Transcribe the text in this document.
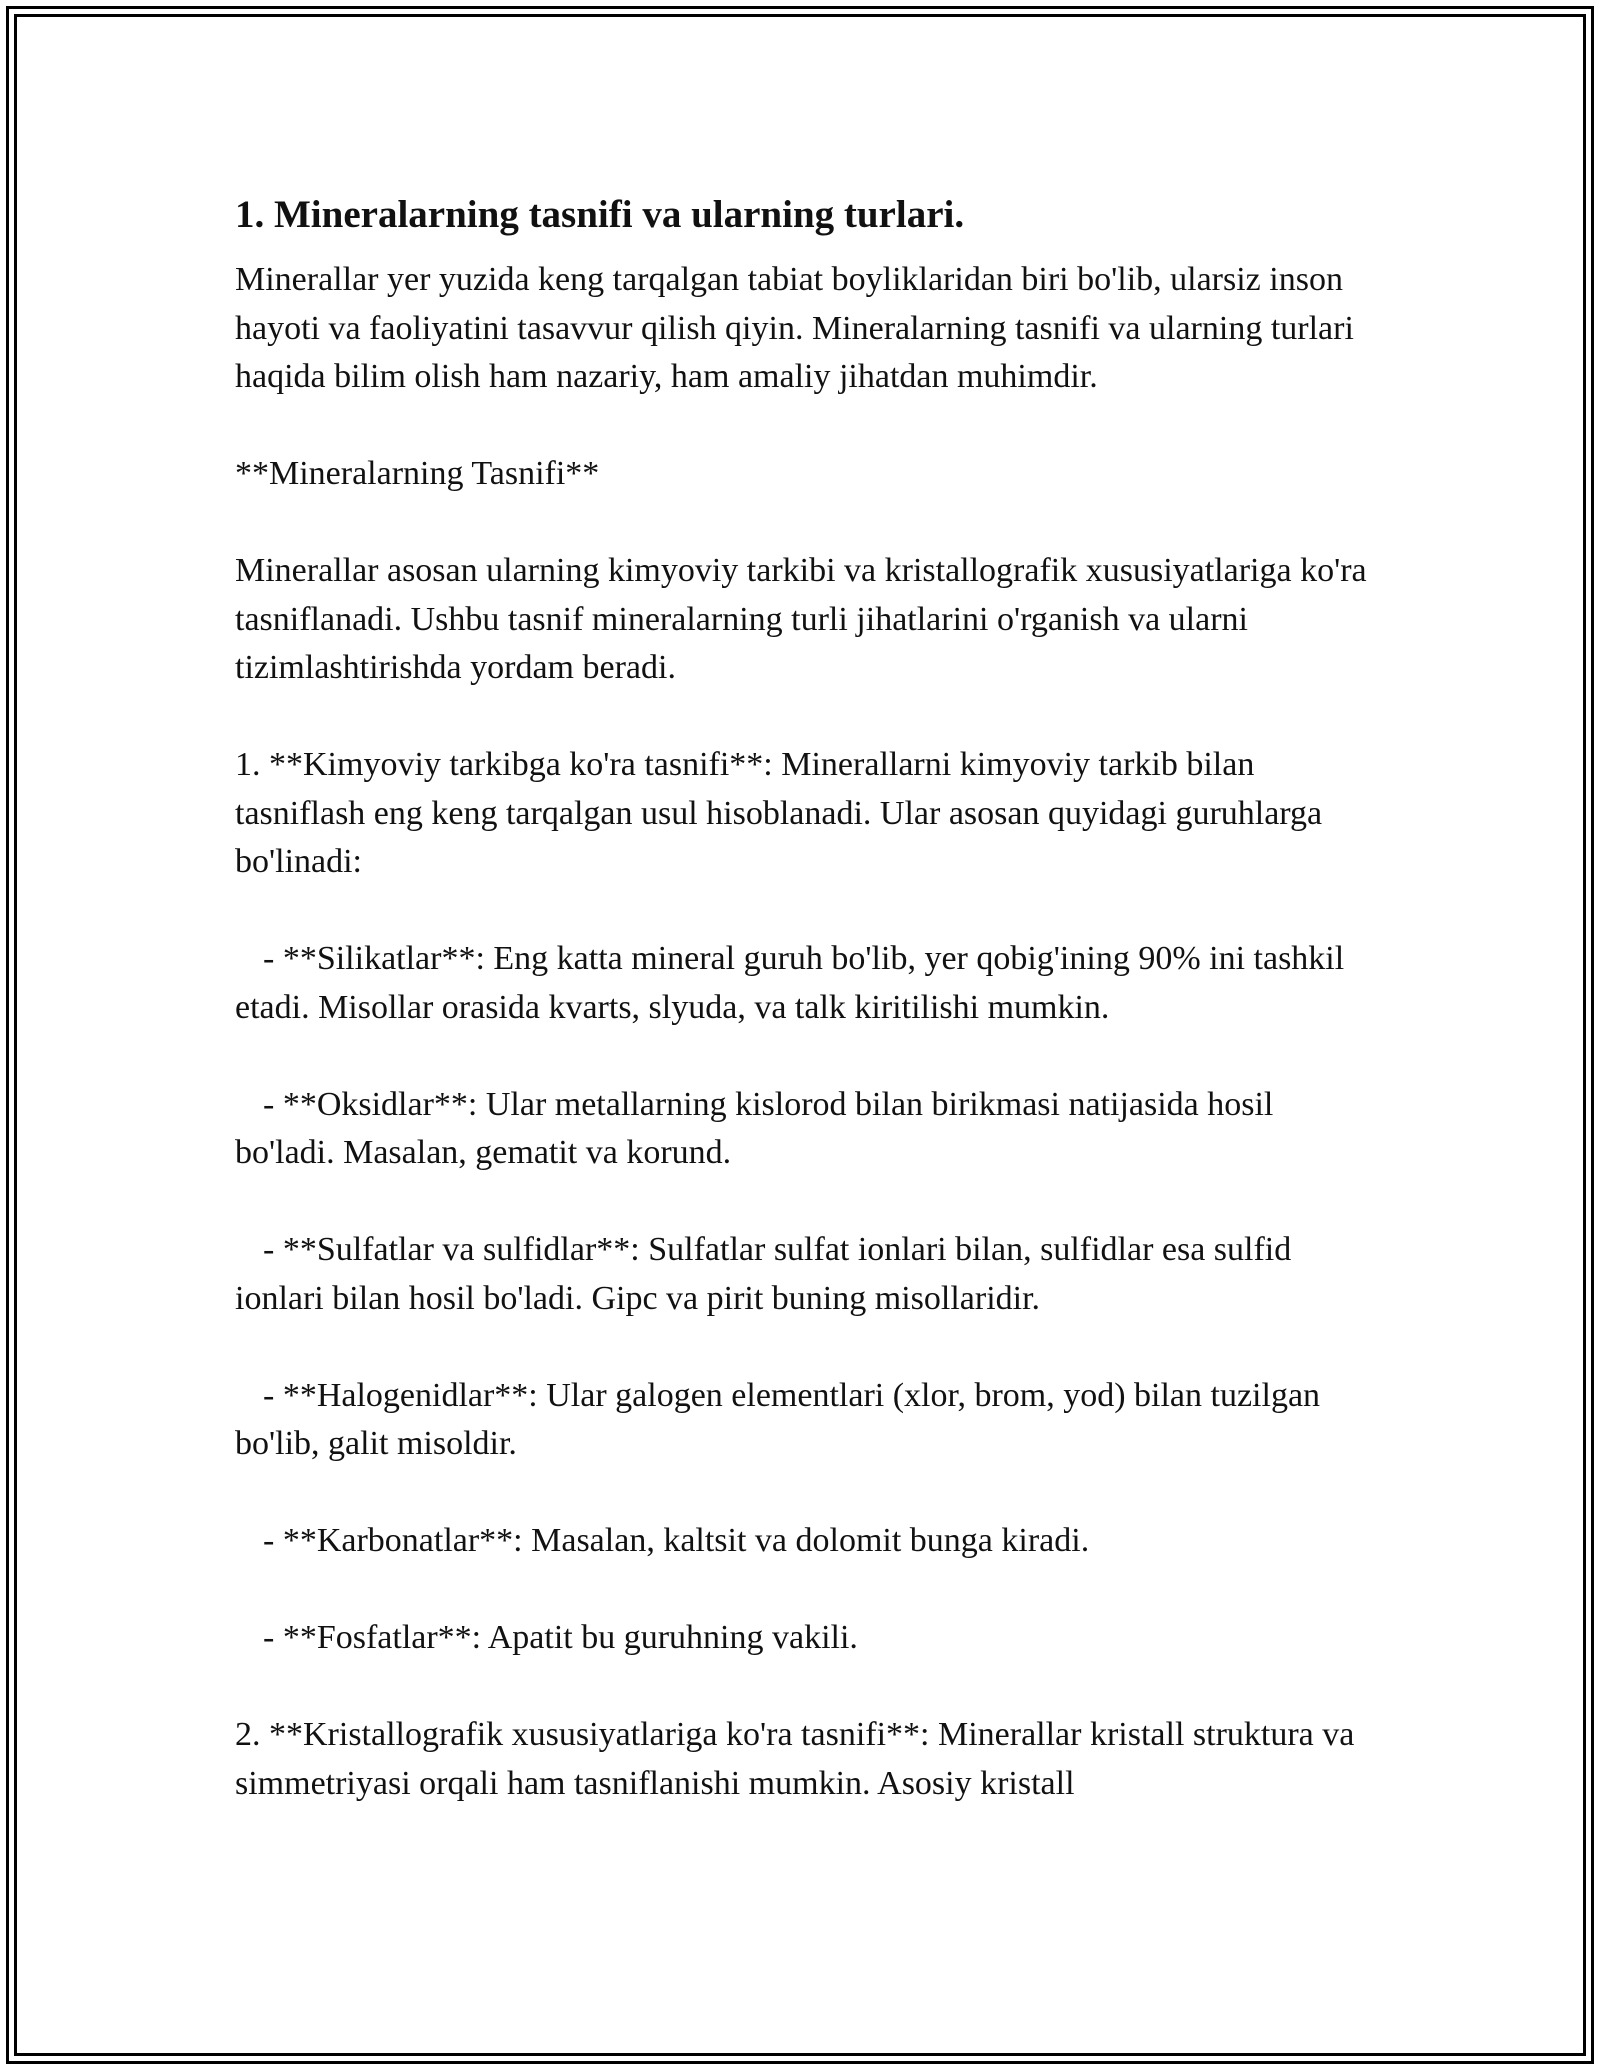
1. Mineralarning tasnifi va ularning turlari.

Minerallar yer yuzida keng tarqalgan tabiat boyliklaridan biri bo'lib, ularsiz inson hayoti va faoliyatini tasavvur qilish qiyin. Mineralarning tasnifi va ularning turlari haqida bilim olish ham nazariy, ham amaliy jihatdan muhimdir.

**Mineralarning Tasnifi**

Minerallar asosan ularning kimyoviy tarkibi va kristallografik xususiyatlariga ko'ra tasniflanadi. Ushbu tasnif mineralarning turli jihatlarini o'rganish va ularni tizimlashtirishda yordam beradi.

1. **Kimyoviy tarkibga ko'ra tasnifi**: Minerallarni kimyoviy tarkib bilan tasniflash eng keng tarqalgan usul hisoblanadi. Ular asosan quyidagi guruhlarga bo'linadi:

- **Silikatlar**: Eng katta mineral guruh bo'lib, yer qobig'ining 90% ini tashkil etadi. Misollar orasida kvarts, slyuda, va talk kiritilishi mumkin.

- **Oksidlar**: Ular metallarning kislorod bilan birikmasi natijasida hosil bo'ladi. Masalan, gematit va korund.

- **Sulfatlar va sulfidlar**: Sulfatlar sulfat ionlari bilan, sulfidlar esa sulfid ionlari bilan hosil bo'ladi. Gipc va pirit buning misollaridir.

- **Halogenidlar**: Ular galogen elementlari (xlor, brom, yod) bilan tuzilgan bo'lib, galit misoldir.

- **Karbonatlar**: Masalan, kaltsit va dolomit bunga kiradi.

- **Fosfatlar**: Apatit bu guruhning vakili.

2. **Kristallografik xususiyatlariga ko'ra tasnifi**: Minerallar kristall struktura va simmetriyasi orqali ham tasniflanishi mumkin. Asosiy kristall
